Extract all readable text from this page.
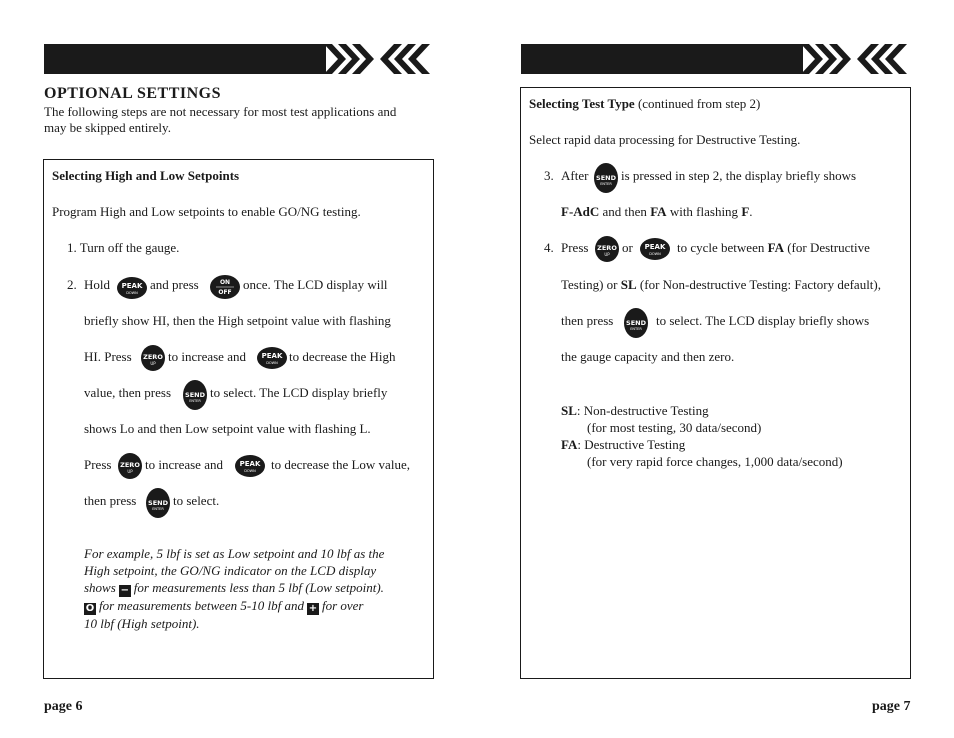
OPTIONAL SETTINGS

The following steps are not necessary for most test applications and
may be skipped entirely.

Selecting High and Low Setpoints

Program High and Low setpoints to enable GO/NG testing.

1. Turn off the gauge.

2. Hold PEAK
DOWN

and press	ON
OFF

once. The LCD display will

briefly show HI, then the High setpoint value with flashing

HI. Press ZERO
UP to increase and PEAK
DOWN to decrease the High

value, then press SEND
ENTER

to select. The LCD display briefly

shows Lo and then Low setpoint value with flashing L.

Press ZERO
UP to increase and PEAK
DOWN to decrease the Low value,

then press SEND
ENTER

to select.

For example, 5 lbf is set as Low setpoint and 10 lbf as the
High setpoint, the GO/NG indicator on the LCD display
shows − for measurements less than 5 lbf (Low setpoint).
O for measurements between 5-10 lbf and + for over
10 lbf (High setpoint).

page 6

Selecting Test Type (continued from step 2)

Select rapid data processing for Destructive Testing.

3. After SEND
ENTER

is pressed in step 2, the display briefly shows

F-AdC and then FA with flashing F.

4. Press ZERO
UP or PEAK
DOWN to cycle between FA (for Destructive

Testing) or SL (for Non-destructive Testing: Factory default),

then press SEND
ENTER

to select. The LCD display briefly shows

the gauge capacity and then zero.

SL: Non-destructive Testing
(for most testing, 30 data/second)
FA: Destructive Testing
(for very rapid force changes, 1,000 data/second)
page 7
